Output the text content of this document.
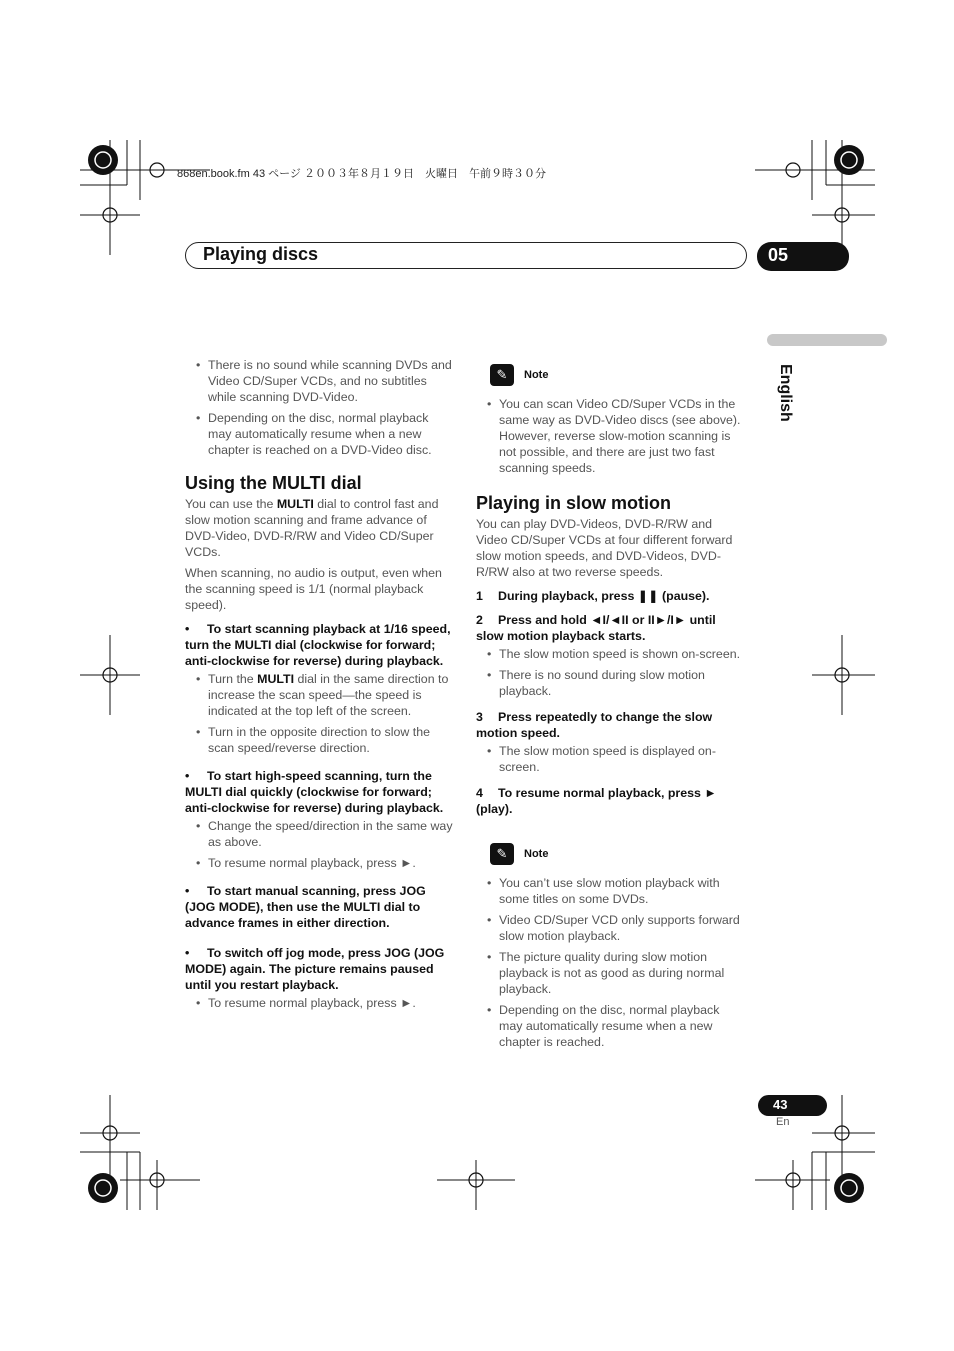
868en.book.fm 43 ページ ２００３年８月１９日　火曜日　午前９時３０分
Playing discs	05
English
• There is no sound while scanning DVDs and Video CD/Super VCDs, and no subtitles while scanning DVD-Video.
• Depending on the disc, normal playback may automatically resume when a new chapter is reached on a DVD-Video disc.
Using the MULTI dial

You can use the MULTI dial to control fast and slow motion scanning and frame advance of DVD-Video, DVD-R/RW and Video CD/Super VCDs.

When scanning, no audio is output, even when the scanning speed is 1/1 (normal playback speed).

• To start scanning playback at 1/16 speed, turn the MULTI dial (clockwise for forward; anti-clockwise for reverse) during playback.
• Turn the MULTI dial in the same direction to increase the scan speed—the speed is indicated at the top left of the screen.
• Turn in the opposite direction to slow the scan speed/reverse direction.
• To start high-speed scanning, turn the MULTI dial quickly (clockwise for forward; anti-clockwise for reverse) during playback.
• Change the speed/direction in the same way as above.
• To resume normal playback, press ►.
• To start manual scanning, press JOG (JOG MODE), then use the MULTI dial to advance frames in either direction.
• To switch off jog mode, press JOG (JOG MODE) again. The picture remains paused until you restart playback.
• To resume normal playback, press ►.
✎	Note
• You can scan Video CD/Super VCDs in the same way as DVD-Video discs (see above). However, reverse slow-motion scanning is not possible, and there are just two fast scanning speeds.
Playing in slow motion

You can play DVD-Videos, DVD-R/RW and Video CD/Super VCDs at four different forward slow motion speeds, and DVD-Videos, DVD-R/RW also at two reverse speeds.

1 During playback, press ❚❚ (pause).
2 Press and hold ◄I/◄II or II►/I► until slow motion playback starts.
• The slow motion speed is shown on-screen.
• There is no sound during slow motion playback.
3 Press repeatedly to change the slow motion speed.
• The slow motion speed is displayed on-screen.
4 To resume normal playback, press ► (play).
✎	Note
• You can’t use slow motion playback with some titles on some DVDs.
• Video CD/Super VCD only supports forward slow motion playback.
• The picture quality during slow motion playback is not as good as during normal playback.
• Depending on the disc, normal playback may automatically resume when a new chapter is reached.
43
En
